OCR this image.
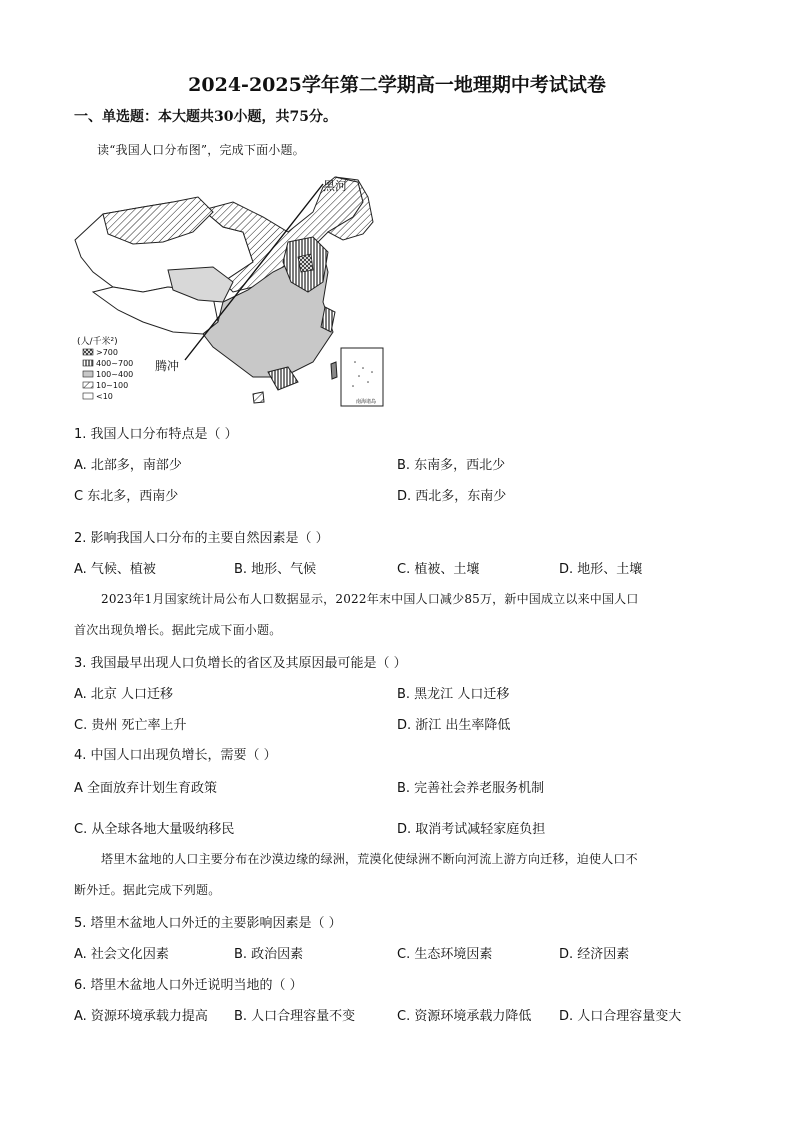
2024-2025学年第二学期高一地理期中考试试卷
一、单选题：本大题共30小题，共75分。
读“我国人口分布图”，完成下面小题。
黑河
腾冲
(人/千米²)
>700
400~700
100~400
10~100
<10
南海诸岛
1. 我国人口分布特点是（ ）
A. 北部多，南部少	B. 东南多，西北少
C 东北多，西南少	D. 西北多，东南少
2. 影响我国人口分布的主要自然因素是（ ）
A. 气候、植被	B. 地形、气候	C. 植被、土壤	D. 地形、土壤
2023年1月国家统计局公布人口数据显示，2022年末中国人口减少85万，新中国成立以来中国人口
首次出现负增长。据此完成下面小题。
3. 我国最早出现人口负增长的省区及其原因最可能是（ ）
A. 北京 人口迁移	B. 黑龙江 人口迁移
C. 贵州 死亡率上升	D. 浙江 出生率降低
4. 中国人口出现负增长，需要（ ）
A 全面放弃计划生育政策	B. 完善社会养老服务机制
C. 从全球各地大量吸纳移民	D. 取消考试减轻家庭负担
塔里木盆地的人口主要分布在沙漠边缘的绿洲，荒漠化使绿洲不断向河流上游方向迁移，迫使人口不
断外迁。据此完成下列题。
5. 塔里木盆地人口外迁的主要影响因素是（ ）
A. 社会文化因素	B. 政治因素	C. 生态环境因素	D. 经济因素
6. 塔里木盆地人口外迁说明当地的（ ）
A. 资源环境承载力提高 B. 人口合理容量不变	C. 资源环境承载力降低 D. 人口合理容量变大
